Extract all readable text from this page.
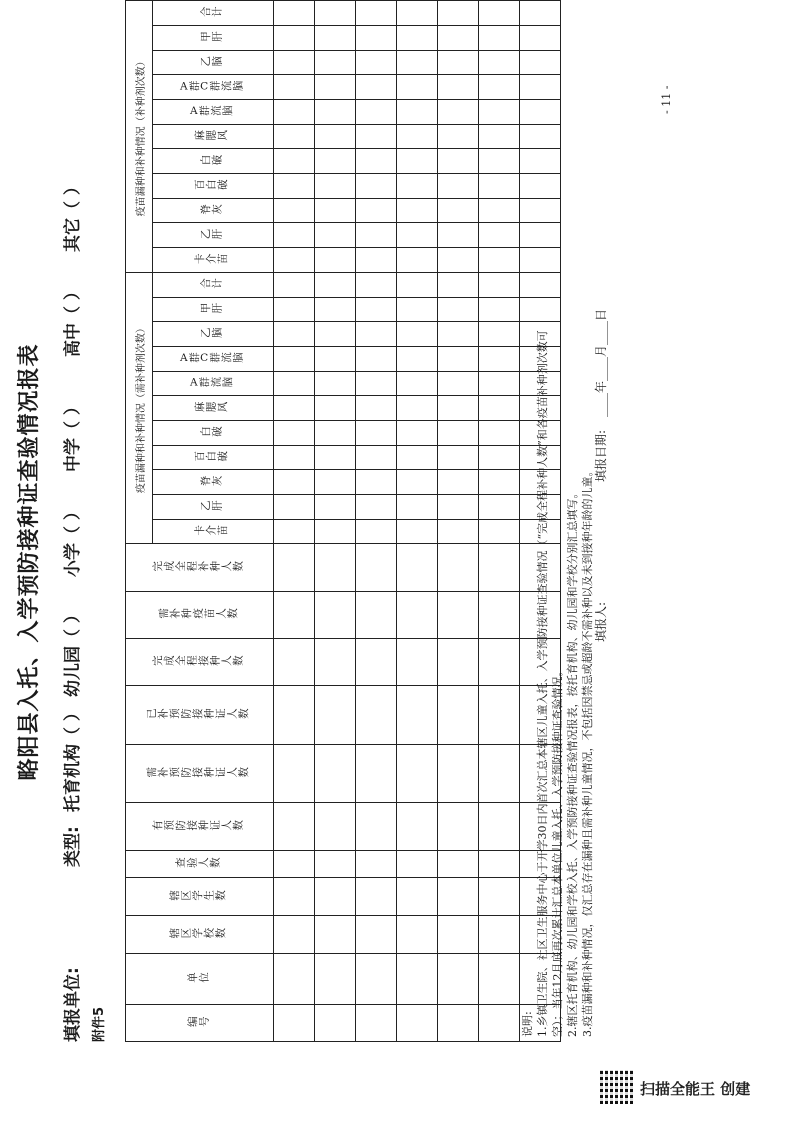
附件5
略阳县入托、入学预防接种证查验情况报表
填报单位:
类型:
托育机构（ ）
幼儿园（ ）
小学（ ）
中学（ ）
高中（ ）
其它（ ）
编号	单位	辖区学校数	辖区学生数	查验人数	有预防接种证人数	需补预防接种证人数	已补预防接种证人数	完成全程接种人数	需补种疫苗人数	完成全程补种人数	疫苗漏种和补种情况（需补种剂次数）											疫苗漏种和补种情况（补种剂次数）										
											卡介苗	乙肝	脊灰	百白破	白破	麻腮风	A群流脑	A群C群流脑	乙脑	甲肝	合计	卡介苗	乙肝	脊灰	百白破	白破	麻腮风	A群流脑	A群C群流脑	乙脑	甲肝	合计

说明: 1.乡镇卫生院、社区卫生服务中心于开学30日内首次汇总本辖区儿童入托、入学预防接种证查验情况（“完成全程补种人数”和各疫苗补种剂次数可 空）；当年12月底再次累计汇总本单位儿童入托、入学预防接种证查验情况。 2.辖区托育机构、幼儿园和学校入托、入学预防接种证查验情况报表，按托育机构、幼儿园和学校分别汇总填写。 3.疫苗漏种和补种情况，仅汇总存在漏种且需补种儿童情况，不包括因禁忌或超龄不需补种以及未到接种年龄的儿童。 填报人:
填报日期:
____年____月____日
- 11 -
扫描全能王 创建
